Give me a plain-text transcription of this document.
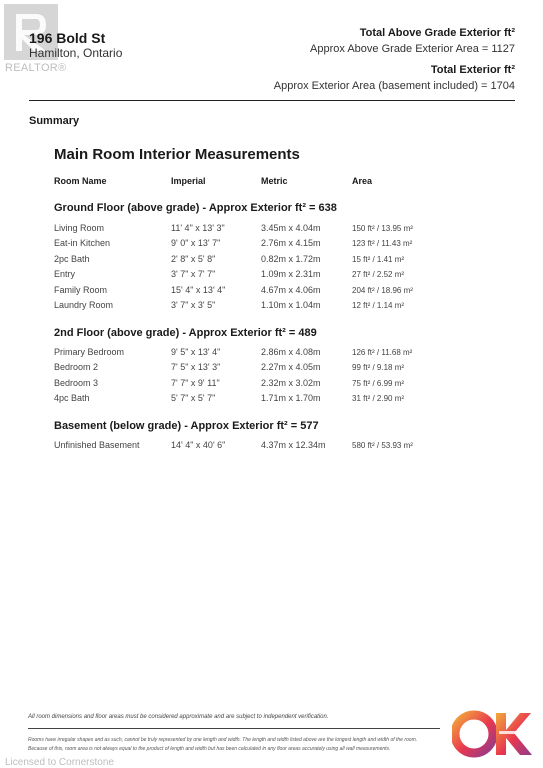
196 Bold St
Hamilton, Ontario
REALTOR®
Total Above Grade Exterior ft²
Approx Above Grade Exterior Area = 1127
Total Exterior ft²
Approx Exterior Area (basement included) = 1704
Summary
Main Room Interior Measurements
Room Name	Imperial	Metric	Area
Ground Floor (above grade) - Approx Exterior ft² = 638
Living Room	11' 4" x 13' 3"	3.45m x 4.04m	150 ft² / 13.95 m²
Eat-in Kitchen	9' 0" x 13' 7"	2.76m x 4.15m	123 ft² / 11.43 m²
2pc Bath	2' 8" x 5' 8"	0.82m x 1.72m	15 ft² / 1.41 m²
Entry	3' 7" x 7' 7"	1.09m x 2.31m	27 ft² / 2.52 m²
Family Room	15' 4" x 13' 4"	4.67m x 4.06m	204 ft² / 18.96 m²
Laundry Room	3' 7" x 3' 5"	1.10m x 1.04m	12 ft² / 1.14 m²
2nd Floor (above grade) - Approx Exterior ft² = 489
Primary Bedroom	9' 5" x 13' 4"	2.86m x 4.08m	126 ft² / 11.68 m²
Bedroom 2	7' 5" x 13' 3"	2.27m x 4.05m	99 ft² / 9.18 m²
Bedroom 3	7' 7" x 9' 11"	2.32m x 3.02m	75 ft² / 6.99 m²
4pc Bath	5' 7" x 5' 7"	1.71m x 1.70m	31 ft² / 2.90 m²
Basement (below grade) - Approx Exterior ft² = 577
Unfinished Basement	14' 4" x 40' 6"	4.37m x 12.34m	580 ft² / 53.93 m²
All room dimensions and floor areas must be considered approximate and are subject to independent verification.
Rooms have irregular shapes and as such, cannot be truly represented by one length and width. The length and width listed above are the longest length and width of the room.
Because of this, room area is not always equal to the product of length and width but has been calculated in any floor areas accurately using all wall measurements.
Licensed to Cornerstone
